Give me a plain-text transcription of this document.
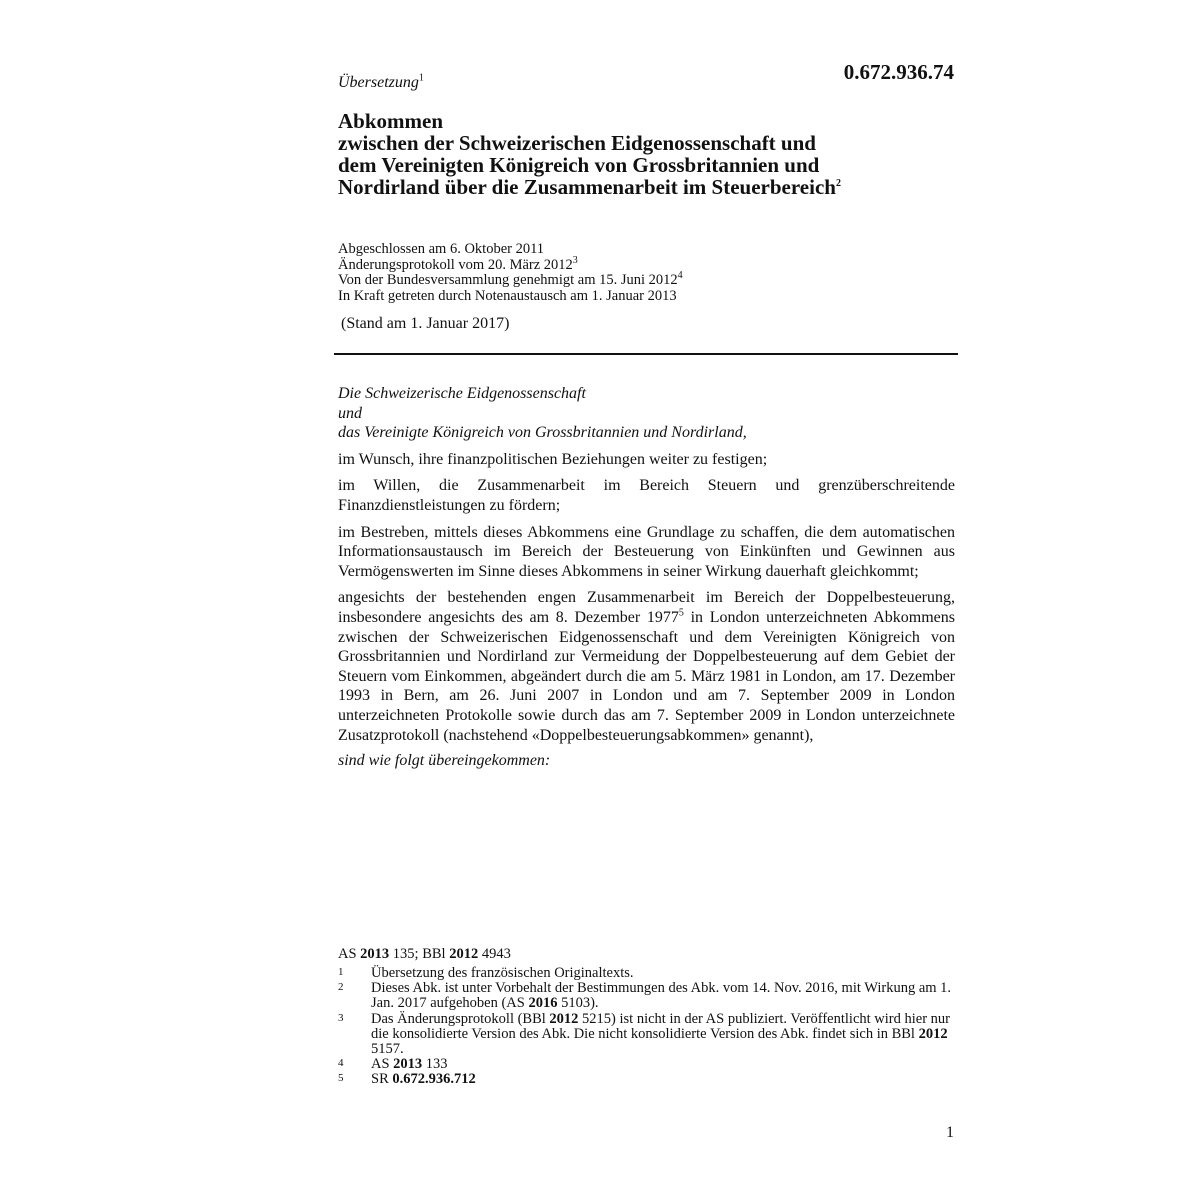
0.672.936.74
Übersetzung$^1$
Abkommen
zwischen der Schweizerischen Eidgenossenschaft und
dem Vereinigten Königreich von Grossbritannien und
Nordirland über die Zusammenarbeit im Steuerbereich$^2$
Abgeschlossen am 6. Oktober 2011
Änderungsprotokoll vom 20. März 2012$^3$
Von der Bundesversammlung genehmigt am 15. Juni 2012$^4$
In Kraft getreten durch Notenaustausch am 1. Januar 2013
(Stand am 1. Januar 2017)
Die Schweizerische Eidgenossenschaft
und
das Vereinigte Königreich von Grossbritannien und Nordirland,

im Wunsch, ihre finanzpolitischen Beziehungen weiter zu festigen;

im Willen, die Zusammenarbeit im Bereich Steuern und grenzüberschreitende Finanzdienstleistungen zu fördern;

im Bestreben, mittels dieses Abkommens eine Grundlage zu schaffen, die dem automatischen Informationsaustausch im Bereich der Besteuerung von Einkünften und Gewinnen aus Vermögenswerten im Sinne dieses Abkommens in seiner Wirkung dauerhaft gleichkommt;

angesichts der bestehenden engen Zusammenarbeit im Bereich der Doppelbesteuerung, insbesondere angesichts des am 8. Dezember 1977$^5$ in London unterzeichneten Abkommens zwischen der Schweizerischen Eidgenossenschaft und dem Vereinigten Königreich von Grossbritannien und Nordirland zur Vermeidung der Doppelbesteuerung auf dem Gebiet der Steuern vom Einkommen, abgeändert durch die am 5. März 1981 in London, am 17. Dezember 1993 in Bern, am 26. Juni 2007 in London und am 7. September 2009 in London unterzeichneten Protokolle sowie durch das am 7. September 2009 in London unterzeichnete Zusatzprotokoll (nachstehend «Doppelbesteuerungsabkommen» genannt),

sind wie folgt übereingekommen:

AS 2013 135; BBl 2012 4943
1	Übersetzung des französischen Originaltexts.
2	Dieses Abk. ist unter Vorbehalt der Bestimmungen des Abk. vom 14. Nov. 2016, mit Wirkung am 1. Jan. 2017 aufgehoben (AS 2016 5103).
3	Das Änderungsprotokoll (BBl 2012 5215) ist nicht in der AS publiziert. Veröffentlicht wird hier nur die konsolidierte Version des Abk. Die nicht konsolidierte Version des Abk. findet sich in BBl 2012 5157.
4	AS 2013 133
5	SR 0.672.936.712
1
